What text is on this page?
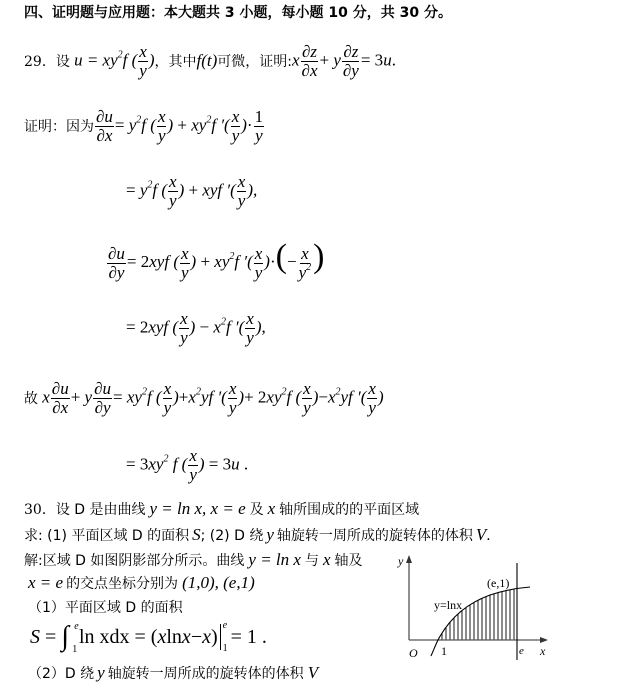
四、证明题与应用题：本大题共 3 小题，每小题 10 分，共 30 分。
29． 设 $u = xy^2f$ ( $\frac{x}{y}$ ) ，其中 f(t) 可微， 证明: x $\frac{\partial z}{\partial x} + y \frac{\partial z}{\partial y} = 3u$.
证明：因为 $\frac{\partial u}{\partial x} = y^2f$ ( $\frac{x}{y}$ ) + $xy^2f$ ′( $\frac{x}{y}$ )· $\frac{1}{y}$
= $y^2f$ ( $\frac{x}{y}$ ) + xyf ′( $\frac{x}{y}$ ),
$\frac{\partial u}{\partial y} = 2xyf$ ( $\frac{x}{y}$ ) + $xy^2f$ ′( $\frac{x}{y}$ )·(− $\frac{x}{y^2}$ )
= 2xyf ( $\frac{x}{y}$ ) − $x^2f$ ′( $\frac{x}{y}$ ),
故 x $\frac{\partial u}{\partial x} + y \frac{\partial u}{\partial y} = xy^2f$ ( $\frac{x}{y} )+x^2yf$ ′( $\frac{x}{y}$ )+ $2xy^2f$ ( $\frac{x}{y} )-x^2yf$ ′( $\frac{x}{y}$ )
= $3xy^2$ f ( $\frac{x}{y}$ ) = 3u .
30． 设 D 是由曲线 y = ln x, x = e 及 x 轴所围成的的平面区域
求: (1) 平面区域 D 的面积 S ; (2) D 绕 y 轴旋转一周所成的旋转体的体积 V ．
解:区域 D 如图阴影部分所示。曲线 y = ln x 与 x 轴及
x = e 的交点坐标分别为 (1,0), (e,1)
（1）平面区域 D 的面积
S = ∫ e
1
ln x dx = ( x ln x − x ) e
1
= 1 .
（2）D 绕 y 轴旋转一周所成的旋转体的体积 V
y
x
O 1	e
y=lnx
(e,1)
